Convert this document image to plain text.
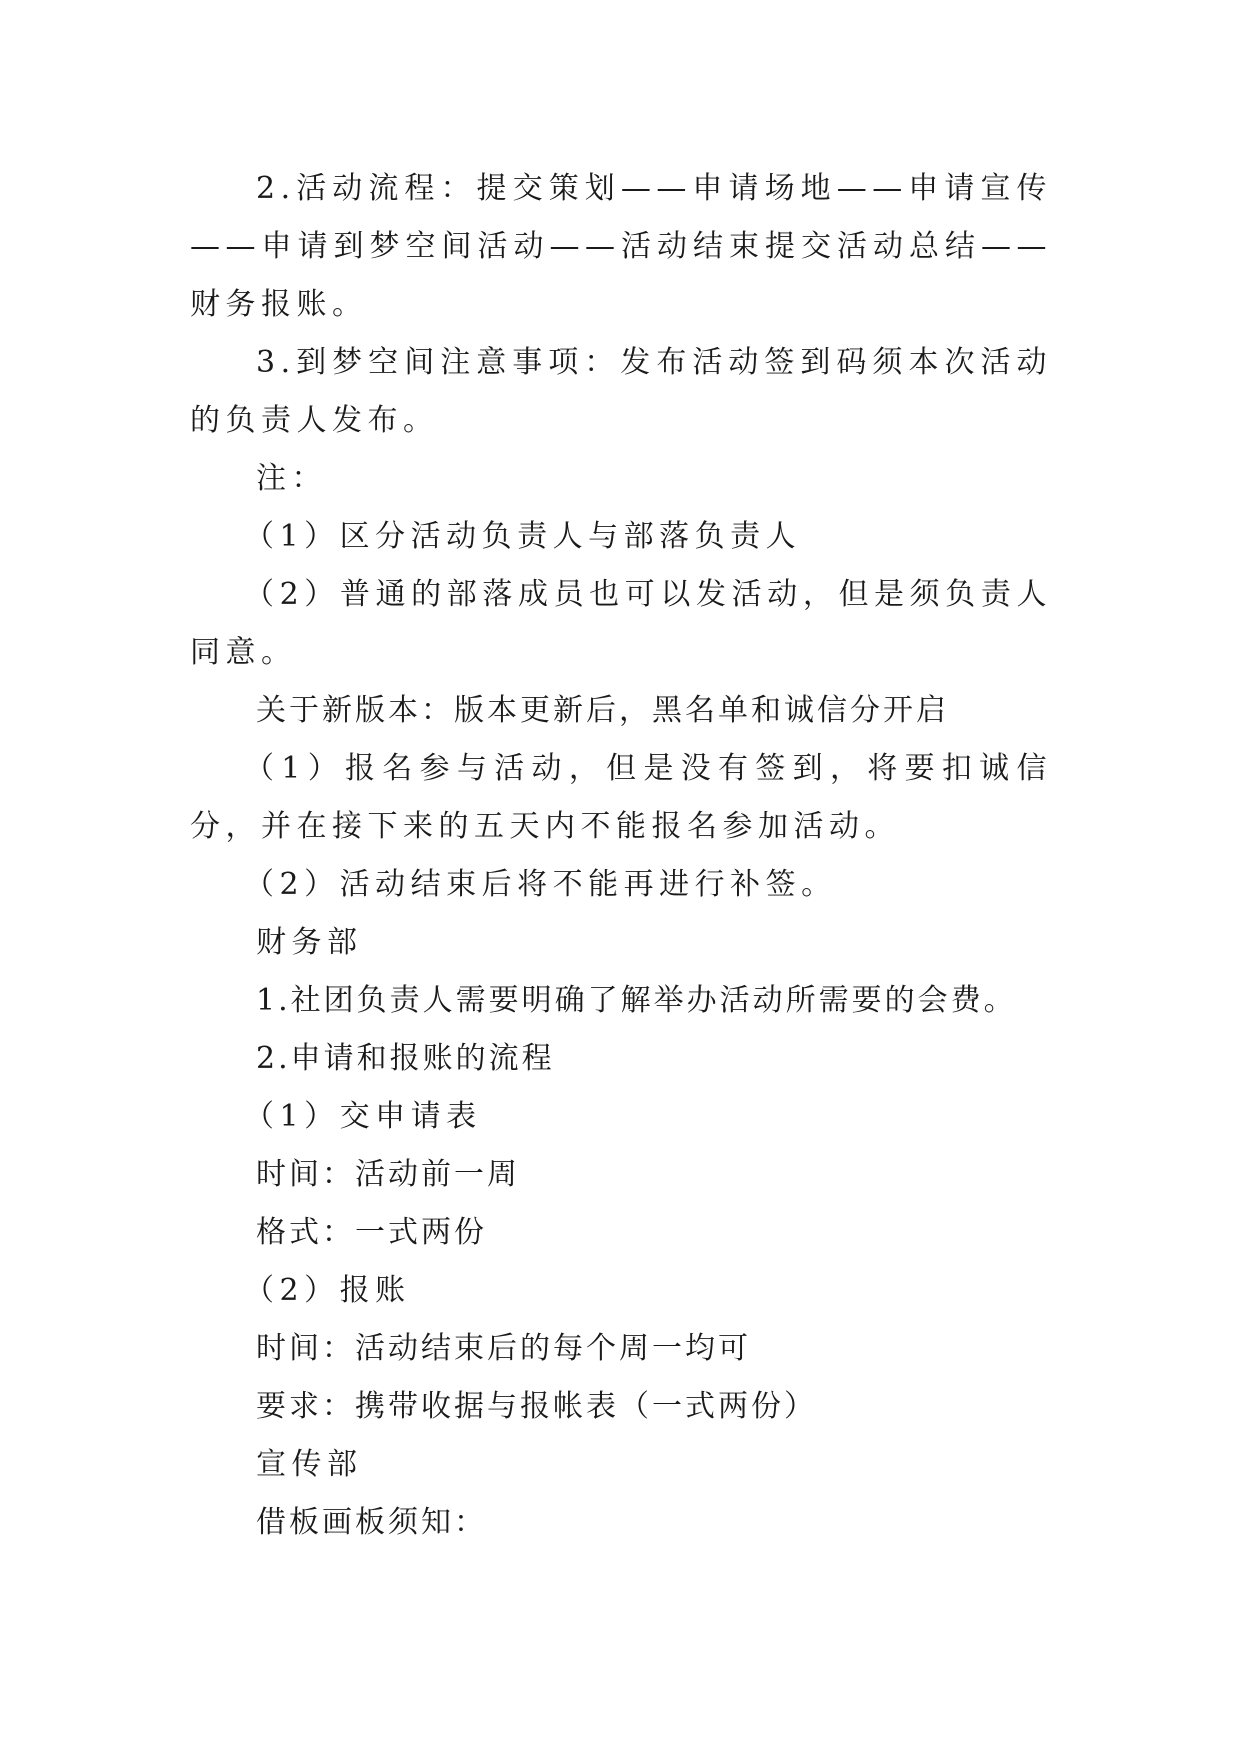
2.活动流程：提交策划——申请场地——申请宣传——申请到梦空间活动——活动结束提交活动总结——财务报账。

3.到梦空间注意事项：发布活动签到码须本次活动的负责人发布。

注：

（1）区分活动负责人与部落负责人

（2）普通的部落成员也可以发活动，但是须负责人同意。

关于新版本：版本更新后，黑名单和诚信分开启

（1）报名参与活动，但是没有签到，将要扣诚信分，并在接下来的五天内不能报名参加活动。

（2）活动结束后将不能再进行补签。

财务部

1.社团负责人需要明确了解举办活动所需要的会费。

2.申请和报账的流程

（1）交申请表

时间：活动前一周

格式：一式两份

（2）报账

时间：活动结束后的每个周一均可

要求：携带收据与报帐表（一式两份）

宣传部

借板画板须知：
